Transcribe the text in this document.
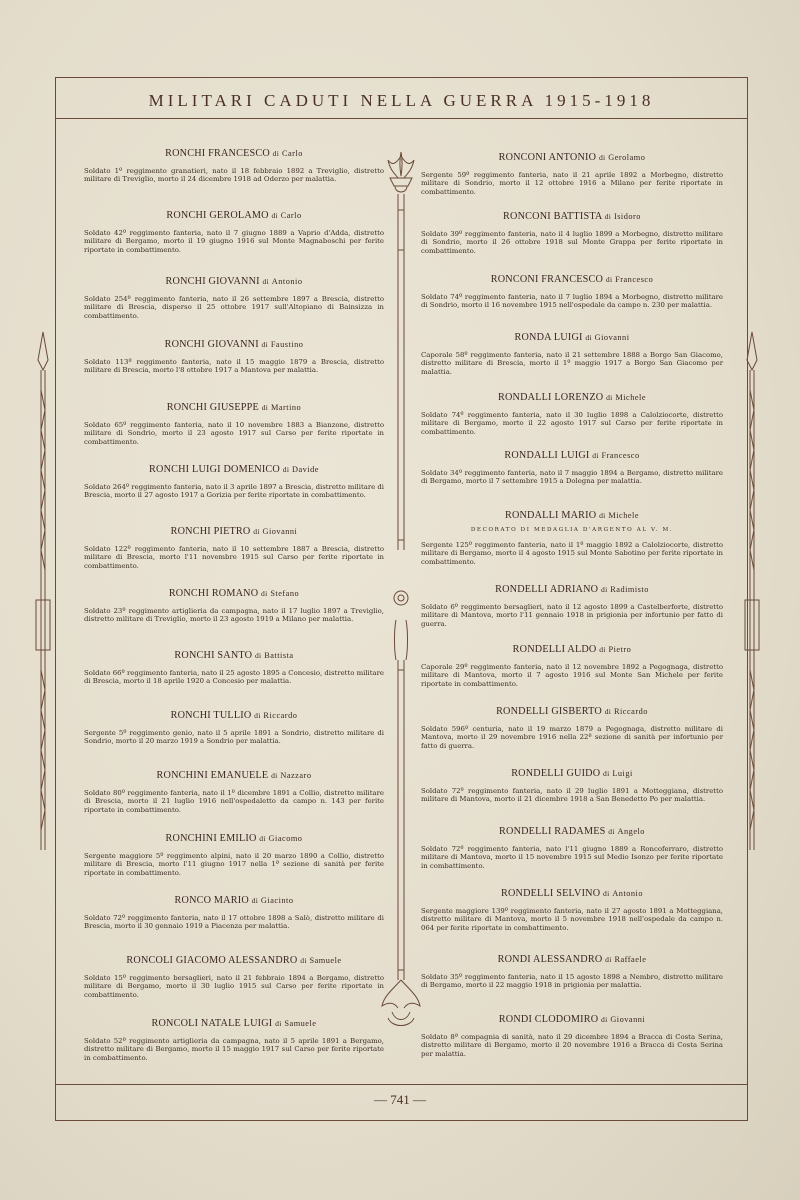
MILITARI CADUTI NELLA GUERRA 1915-1918
RONCHI FRANCESCO di Carlo
Soldato 1º reggimento granatieri, nato il 18 febbraio 1892 a Treviglio, distretto militare di Treviglio, morto il 24 dicembre 1918 ad Oderzo per malattia.
RONCHI GEROLAMO di Carlo
Soldato 42º reggimento fanteria, nato il 7 giugno 1889 a Vaprio d'Adda, distretto militare di Bergamo, morto il 19 giugno 1916 sul Monte Magnaboschi per ferite riportate in combattimento.
RONCHI GIOVANNI di Antonio
Soldato 254º reggimento fanteria, nato il 26 settembre 1897 a Brescia, distretto militare di Brescia, disperso il 25 ottobre 1917 sull'Altopiano di Bainsizza in combattimento.
RONCHI GIOVANNI di Faustino
Soldato 113º reggimento fanteria, nato il 15 maggio 1879 a Brescia, distretto militare di Brescia, morto l'8 ottobre 1917 a Mantova per malattia.
RONCHI GIUSEPPE di Martino
Soldato 65º reggimento fanteria, nato il 10 novembre 1883 a Bianzone, distretto militare di Sondrio, morto il 23 agosto 1917 sul Carso per ferite riportate in combattimento.
RONCHI LUIGI DOMENICO di Davide
Soldato 264º reggimento fanteria, nato il 3 aprile 1897 a Brescia, distretto militare di Brescia, morto il 27 agosto 1917 a Gorizia per ferite riportate in combattimento.
RONCHI PIETRO di Giovanni
Soldato 122º reggimento fanteria, nato il 10 settembre 1887 a Brescia, distretto militare di Brescia, morto l'11 novembre 1915 sul Carso per ferite riportate in combattimento.
RONCHI ROMANO di Stefano
Soldato 23º reggimento artiglieria da campagna, nato il 17 luglio 1897 a Treviglio, distretto militare di Treviglio, morto il 23 agosto 1919 a Milano per malattia.
RONCHI SANTO di Battista
Soldato 66º reggimento fanteria, nato il 25 agosto 1895 a Concesio, distretto militare di Brescia, morto il 18 aprile 1920 a Concesio per malattia.
RONCHI TULLIO di Riccardo
Sergente 5º reggimento genio, nato il 5 aprile 1891 a Sondrio, distretto militare di Sondrio, morto il 20 marzo 1919 a Sondrio per malattia.
RONCHINI EMANUELE di Nazzaro
Soldato 80º reggimento fanteria, nato il 1º dicembre 1891 a Collio, distretto militare di Brescia, morto il 21 luglio 1916 nell'ospedaletto da campo n. 143 per ferite riportate in combattimento.
RONCHINI EMILIO di Giacomo
Sergente maggiore 5º reggimento alpini, nato il 20 marzo 1890 a Collio, distretto militare di Brescia, morto l'11 giugno 1917 nella 1ª sezione di sanità per ferite riportate in combattimento.
RONCO MARIO di Giacinto
Soldato 72º reggimento fanteria, nato il 17 ottobre 1898 a Salò, distretto militare di Brescia, morto il 30 gennaio 1919 a Piacenza per malattia.
RONCOLI GIACOMO ALESSANDRO di Samuele
Soldato 15º reggimento bersaglieri, nato il 21 febbraio 1894 a Bergamo, distretto militare di Bergamo, morto il 30 luglio 1915 sul Carso per ferite riportate in combattimento.
RONCOLI NATALE LUIGI di Samuele
Soldato 52º reggimento artiglieria da campagna, nato il 5 aprile 1891 a Bergamo, distretto militare di Bergamo, morto il 15 maggio 1917 sul Carso per ferite riportate in combattimento.
RONCONI ANTONIO di Gerolamo
Sergente 59º reggimento fanteria, nato il 21 aprile 1892 a Morbegno, distretto militare di Sondrio, morto il 12 ottobre 1916 a Milano per ferite riportate in combattimento.
RONCONI BATTISTA di Isidoro
Soldato 39º reggimento fanteria, nato il 4 luglio 1899 a Morbegno, distretto militare di Sondrio, morto il 26 ottobre 1918 sul Monte Grappa per ferite riportate in combattimento.
RONCONI FRANCESCO di Francesco
Soldato 74º reggimento fanteria, nato il 7 luglio 1894 a Morbegno, distretto militare di Sondrio, morto il 16 novembre 1915 nell'ospedale da campo n. 230 per malattia.
RONDA LUIGI di Giovanni
Caporale 58º reggimento fanteria, nato il 21 settembre 1888 a Borgo San Giacomo, distretto militare di Brescia, morto il 1º maggio 1917 a Borgo San Giacomo per malattia.
RONDALLI LORENZO di Michele
Soldato 74º reggimento fanteria, nato il 30 luglio 1898 a Calolziocorte, distretto militare di Bergamo, morto il 22 agosto 1917 sul Carso per ferite riportate in combattimento.
RONDALLI LUIGI di Francesco
Soldato 34º reggimento fanteria, nato il 7 maggio 1894 a Bergamo, distretto militare di Bergamo, morto il 7 settembre 1915 a Dolegna per malattia.
RONDALLI MARIO di Michele
DECORATO DI MEDAGLIA D'ARGENTO AL V. M.
Sergente 125º reggimento fanteria, nato il 1º maggio 1892 a Calolziocorte, distretto militare di Bergamo, morto il 4 agosto 1915 sul Monte Sabotino per ferite riportate in combattimento.
RONDELLI ADRIANO di Radimisto
Soldato 6º reggimento bersaglieri, nato il 12 agosto 1899 a Castelberforte, distretto militare di Mantova, morto l'11 gennaio 1918 in prigionia per infortunio per fatto di guerra.
RONDELLI ALDO di Pietro
Caporale 29º reggimento fanteria, nato il 12 novembre 1892 a Pegognaga, distretto militare di Mantova, morto il 7 agosto 1916 sul Monte San Michele per ferite riportate in combattimento.
RONDELLI GISBERTO di Riccardo
Soldato 596ª centuria, nato il 19 marzo 1879 a Pegognaga, distretto militare di Mantova, morto il 29 novembre 1916 nella 22ª sezione di sanità per infortunio per fatto di guerra.
RONDELLI GUIDO di Luigi
Soldato 72º reggimento fanteria, nato il 29 luglio 1891 a Motteggiana, distretto militare di Mantova, morto il 21 dicembre 1918 a San Benedetto Po per malattia.
RONDELLI RADAMES di Angelo
Soldato 72º reggimento fanteria, nato l'11 giugno 1889 a Roncoferraro, distretto militare di Mantova, morto il 15 novembre 1915 sul Medio Isonzo per ferite riportate in combattimento.
RONDELLI SELVINO di Antonio
Sergente maggiore 139º reggimento fanteria, nato il 27 agosto 1891 a Motteggiana, distretto militare di Mantova, morto il 5 novembre 1918 nell'ospedale da campo n. 064 per ferite riportate in combattimento.
RONDI ALESSANDRO di Raffaele
Soldato 35º reggimento fanteria, nato il 15 agosto 1898 a Nembro, distretto militare di Bergamo, morto il 22 maggio 1918 in prigionia per malattia.
RONDI CLODOMIRO di Giovanni
Soldato 8ª compagnia di sanità, nato il 29 dicembre 1894 a Bracca di Costa Serina, distretto militare di Bergamo, morto il 20 novembre 1916 a Bracca di Costa Serina per malattia.
— 741 —
